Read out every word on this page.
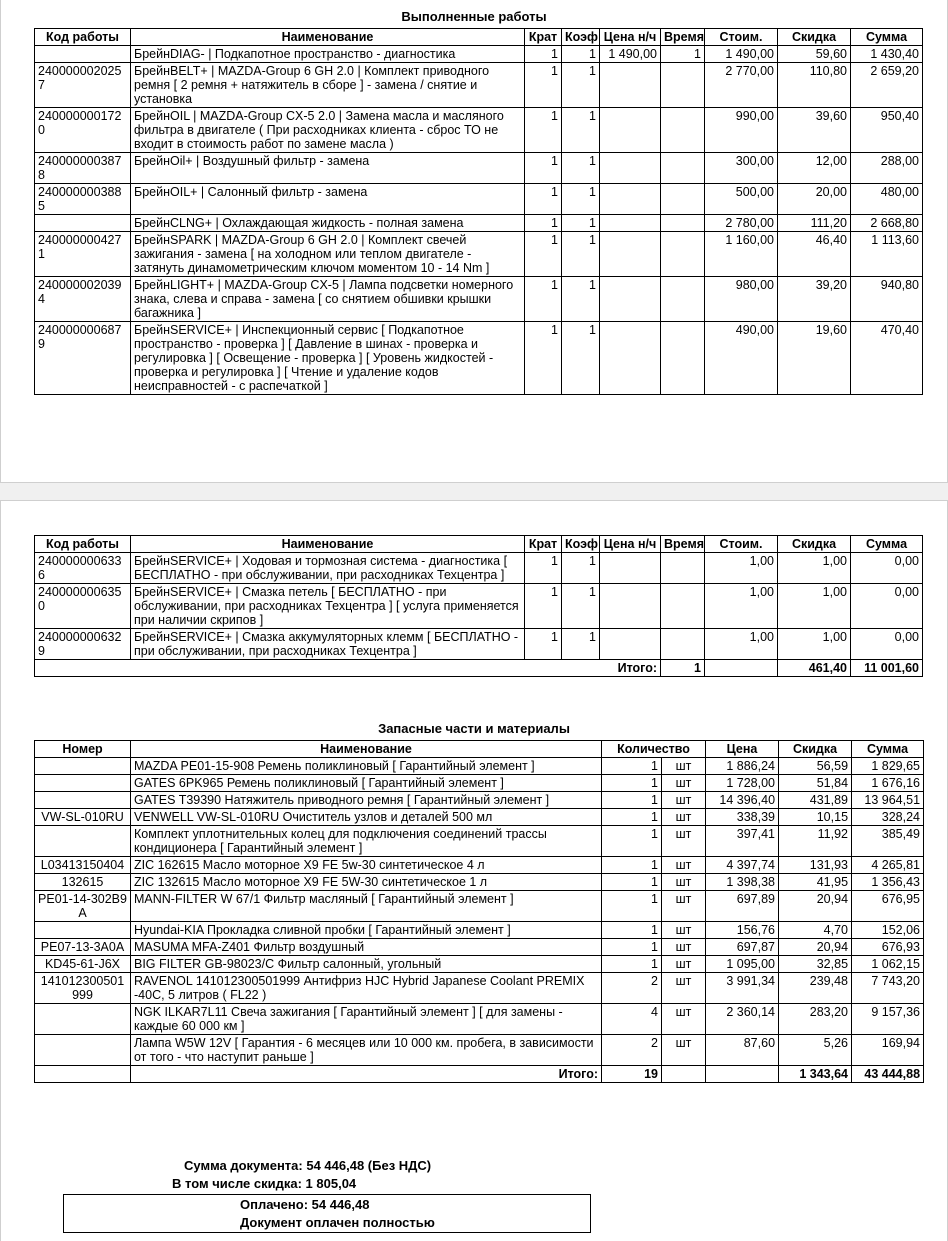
Выполненные работы
Код работы	Наименование	Крат	Коэф	Цена н/ч	Время	Стоим.	Скидка	Сумма
	БрейнDIAG- | Подкапотное пространство - диагностика	1	1	1 490,00	1	1 490,00	59,60	1 430,40
2400000020257	БрейнBELT+ | MAZDA-Group 6 GH 2.0 | Комплект приводного ремня [ 2 ремня + натяжитель в сборе ] - замена / снятие и установка	1	1			2 770,00	110,80	2 659,20
2400000001720	БрейнOIL | MAZDA-Group CX-5 2.0 | Замена масла и масляного фильтра в двигателе ( При расходниках клиента - сброс ТО не входит в стоимость работ по замене масла )	1	1			990,00	39,60	950,40
2400000003878	БрейнOil+ | Воздушный фильтр - замена	1	1			300,00	12,00	288,00
2400000003885	БрейнOIL+ | Салонный фильтр - замена	1	1			500,00	20,00	480,00
	БрейнCLNG+ | Охлаждающая жидкость - полная замена	1	1			2 780,00	111,20	2 668,80
2400000004271	БрейнSPARK | MAZDA-Group 6 GH 2.0 | Комплект свечей зажигания - замена [ на холодном или теплом двигателе - затянуть динамометрическим ключом моментом 10 - 14 Nm ]	1	1			1 160,00	46,40	1 113,60
2400000020394	БрейнLIGHT+ | MAZDA-Group CX-5 | Лампа подсветки номерного знака, слева и справа - замена [ со снятием обшивки крышки багажника ]	1	1			980,00	39,20	940,80
2400000006879	БрейнSERVICE+ | Инспекционный сервис [ Подкапотное пространство - проверка ] [ Давление в шинах - проверка и регулировка ] [ Освещение - проверка ] [ Уровень жидкостей - проверка и регулировка ] [ Чтение и удаление кодов неисправностей - с распечаткой ]	1	1			490,00	19,60	470,40
Код работы	Наименование	Крат	Коэф	Цена н/ч	Время	Стоим.	Скидка	Сумма
2400000006336	БрейнSERVICE+ | Ходовая и тормозная система - диагностика [ БЕСПЛАТНО - при обслуживании, при расходниках Техцентра ]	1	1			1,00	1,00	0,00
2400000006350	БрейнSERVICE+ | Смазка петель [ БЕСПЛАТНО - при обслуживании, при расходниках Техцентра ] [ услуга применяется при наличии скрипов ]	1	1			1,00	1,00	0,00
2400000006329	БрейнSERVICE+ | Смазка аккумуляторных клемм [ БЕСПЛАТНО - при обслуживании, при расходниках Техцентра ]	1	1			1,00	1,00	0,00
Итого:					1		461,40	11 001,60
Запасные части и материалы
Номер	Наименование	Количество		Цена	Скидка	Сумма
	MAZDA PE01-15-908 Ремень поликлиновый [ Гарантийный элемент ]	1	шт	1 886,24	56,59	1 829,65
	GATES 6PK965 Ремень поликлиновый [ Гарантийный элемент ]	1	шт	1 728,00	51,84	1 676,16
	GATES T39390 Натяжитель приводного ремня [ Гарантийный элемент ]	1	шт	14 396,40	431,89	13 964,51
VW-SL-010RU	VENWELL VW-SL-010RU Очиститель узлов и деталей 500 мл	1	шт	338,39	10,15	328,24
	Комплект уплотнительных колец для подключения соединений трассы кондиционера [ Гарантийный элемент ]	1	шт	397,41	11,92	385,49
L03413150404	ZIC 162615 Масло моторное X9 FE 5w-30 синтетическое 4 л	1	шт	4 397,74	131,93	4 265,81
132615	ZIC 132615 Масло моторное X9 FE 5W-30 синтетическое 1 л	1	шт	1 398,38	41,95	1 356,43
PE01-14-302B9A	MANN-FILTER W 67/1 Фильтр масляный [ Гарантийный элемент ]	1	шт	697,89	20,94	676,95
	Hyundai-KIA Прокладка сливной пробки [ Гарантийный элемент ]	1	шт	156,76	4,70	152,06
PE07-13-3A0A	MASUMA MFA-Z401 Фильтр воздушный	1	шт	697,87	20,94	676,93
KD45-61-J6X	BIG FILTER GB-98023/C Фильтр салонный, угольный	1	шт	1 095,00	32,85	1 062,15
141012300501999	RAVENOL 141012300501999 Антифриз HJC Hybrid Japanese Coolant PREMIX -40C, 5 литров ( FL22 )	2	шт	3 991,34	239,48	7 743,20
	NGK ILKAR7L11 Свеча зажигания [ Гарантийный элемент ] [ для замены - каждые 60 000 км ]	4	шт	2 360,14	283,20	9 157,36
	Лампа W5W 12V [ Гарантия - 6 месяцев или 10 000 км. пробега, в зависимости от того - что наступит раньше ]	2	шт	87,60	5,26	169,94
	Итого:	19			1 343,64	43 444,88
Сумма документа: 54 446,48 (Без НДС)
В том числе скидка: 1 805,04
Оплачено: 54 446,48
Документ оплачен полностью
